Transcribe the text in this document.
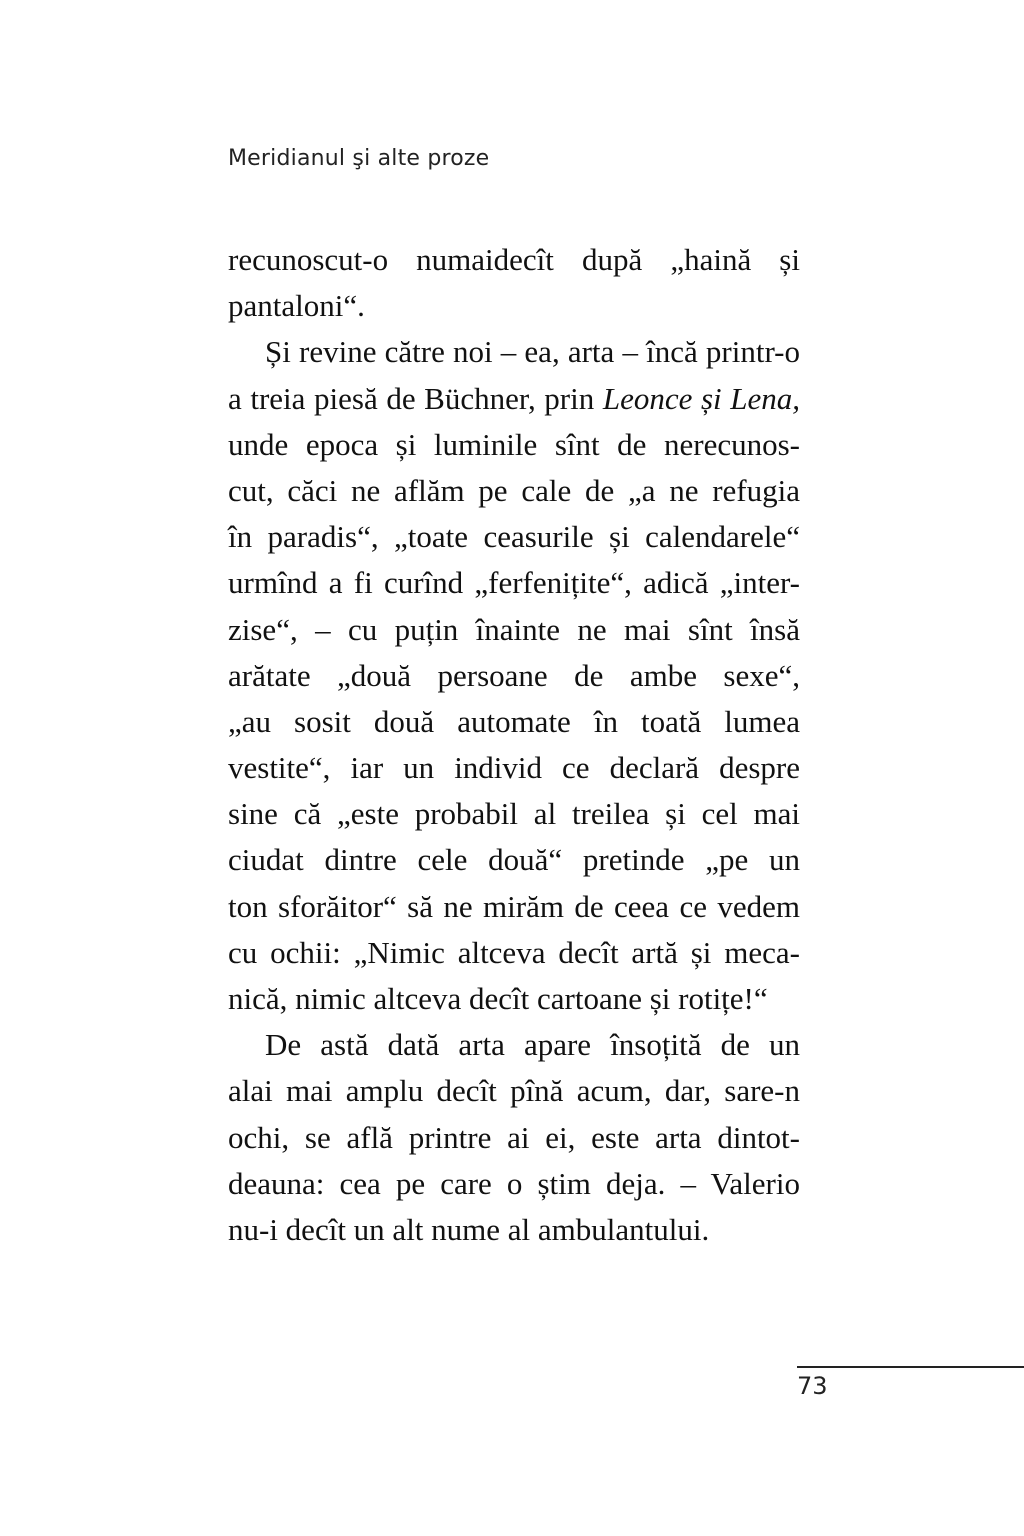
Meridianul şi alte proze
recunoscut-o numaidecît după „haină și
pantaloni“.
Și revine către noi – ea, arta – încă printr-o
a treia piesă de Büchner, prin Leonce și Lena,
unde epoca și luminile sînt de nerecunos-
cut, căci ne aflăm pe cale de „a ne refugia
în paradis“, „toate ceasurile și calendarele“
urmînd a fi curînd „ferfenițite“, adică „inter-
zise“, – cu puțin înainte ne mai sînt însă
arătate „două persoane de ambe sexe“,
„au sosit două automate în toată lumea
vestite“, iar un individ ce declară despre
sine că „este probabil al treilea și cel mai
ciudat dintre cele două“ pretinde „pe un
ton sforăitor“ să ne mirăm de ceea ce vedem
cu ochii: „Nimic altceva decît artă și meca-
nică, nimic altceva decît cartoane și rotițe!“
De astă dată arta apare însoțită de un
alai mai amplu decît pînă acum, dar, sare-n
ochi, se află printre ai ei, este arta dintot-
deauna: cea pe care o știm deja. – Valerio
nu-i decît un alt nume al ambulantului.
73
